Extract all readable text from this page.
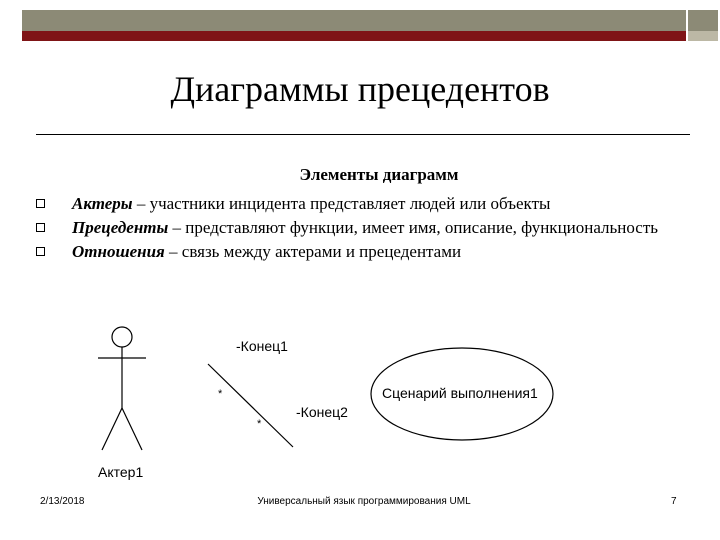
Диаграммы прецедентов
Элементы диаграмм
Актеры – участники инцидента представляет людей или объекты
Прецеденты – представляют функции, имеет имя, описание, функциональность
Отношения – связь между актерами и прецедентами
Актер1
-Конец1
-Конец2
*
*
Сценарий выполнения1
2/13/2018	Универсальный язык программирования UML	7
